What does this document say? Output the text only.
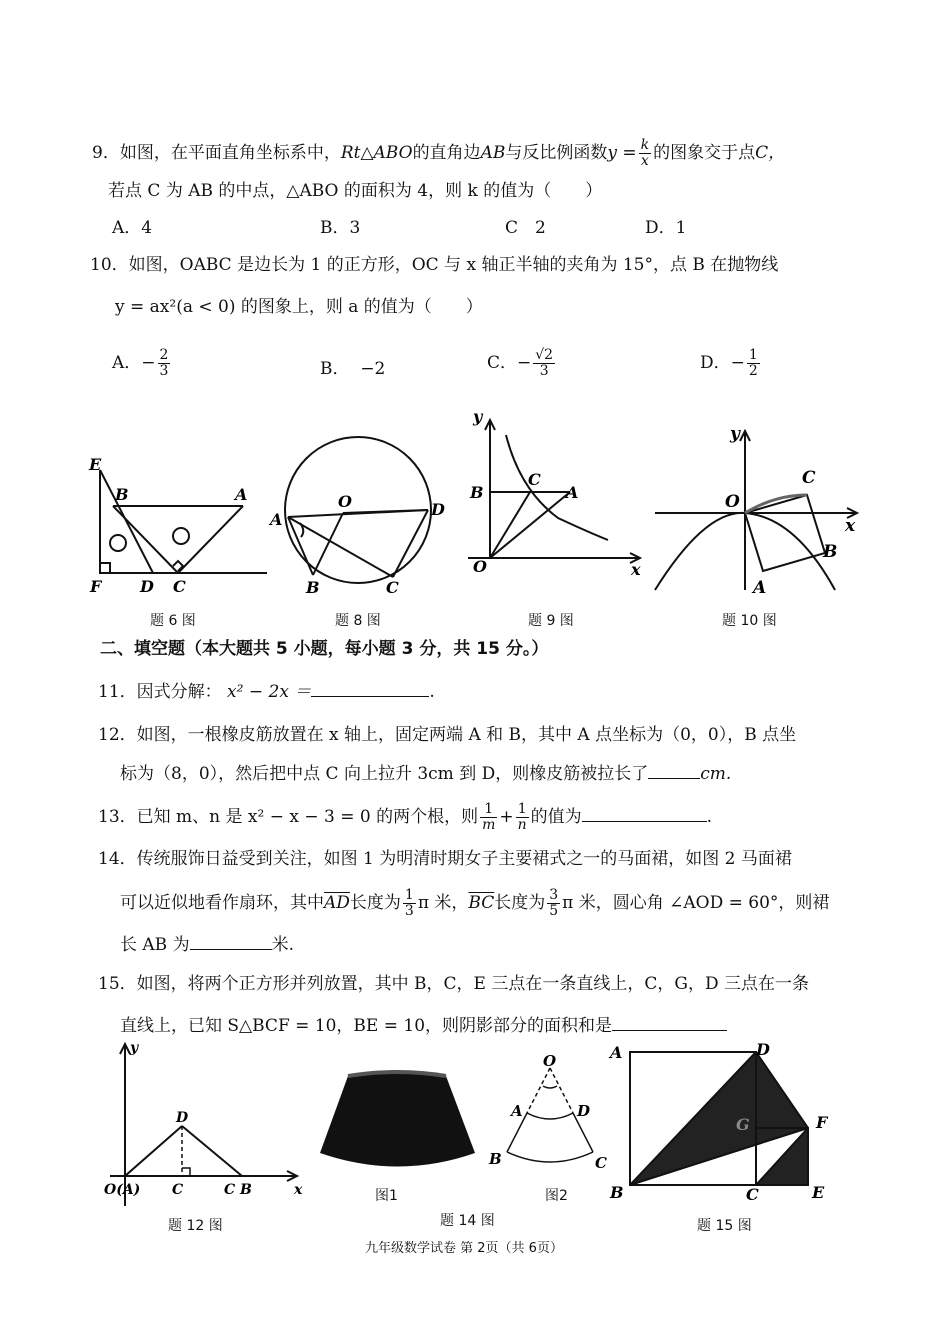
9．如图，在平面直角坐标系中，Rt△ABO的直角边AB与反比例函数$y = \frac{k}{x}$ 的图象交于点C，
若点 C 为 AB 的中点，△ABO 的面积为 4，则 k 的值为（　　）
A．4	B．3	C　2	D．1
10．如图，OABC 是边长为 1 的正方形，OC 与 x 轴正半轴的夹角为 15°，点 B 在抛物线
y = ax²(a < 0) 的图象上，则 a 的值为（　　）
A．− $\frac{2}{3}$	B． −2	C．− $\frac{√2}{3}$	D．− $\frac{1}{2}$
E
B	A
F D C
题 6 图
O
A
D
B	C
题 8 图
y
B
C
A
O	x
题 9 图
y
O
C
x
B
A
题 10 图
二、填空题（本大题共 5 小题，每小题 3 分，共 15 分。）
11．因式分解： x² − 2x ＝	.
12．如图，一根橡皮筋放置在 x 轴上，固定两端 A 和 B，其中 A 点坐标为（0，0），B 点坐
标为（8，0），然后把中点 C 向上拉升 3cm 到 D，则橡皮筋被拉长了	cm.
13．已知 m、n 是 x² − x − 3 = 0 的两个根，则 $\frac{1}{m} + \frac{1}{n}$ 的值为	.
14．传统服饰日益受到关注，如图 1 为明清时期女子主要裙式之一的马面裙，如图 2 马面裙
可以近似地看作扇环，其中$\overline{AD}$长度为 $\frac{1}{3}$ π 米，$\overline{BC}$长度为 $\frac{3}{5}$ π 米，圆心角 ∠AOD = 60°，则裙
长 AB 为	米.
15．如图，将两个正方形并列放置，其中 B，C，E 三点在一条直线上，C，G，D 三点在一条
直线上，已知 S△BCF = 10，BE = 10，则阴影部分的面积和是
y
D
O(A) C	C B	x
题 12 图
图1
O
A	D
B	C
图2
题 14 图
A	D
G	F
B	C	E
题 15 图
九年级数学试卷 第 2页（共 6页）
